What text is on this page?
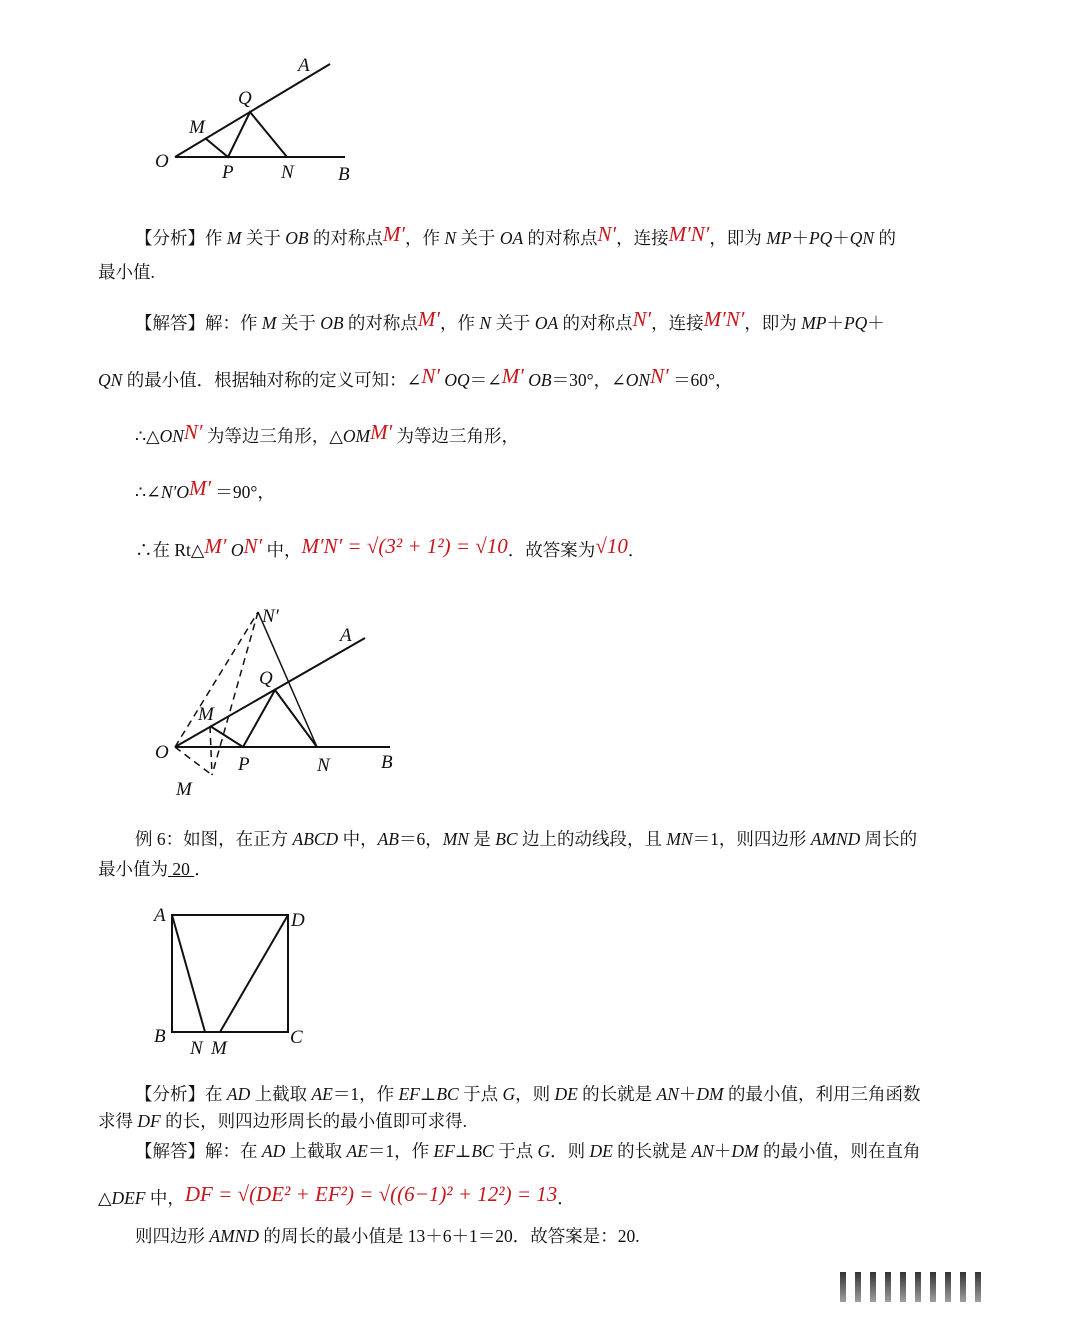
A
Q
M
O
P N B
N′
A
Q
M
O
P	N	B
M
A	D
B	C
N M
【分析】作 M 关于 OB 的对称点M′，作 N 关于 OA 的对称点N′，连接M′N′，即为 MP＋PQ＋QN 的
最小值.
【解答】解：作 M 关于 OB 的对称点M′，作 N 关于 OA 的对称点N′，连接M′N′，即为 MP＋PQ＋
QN 的最小值．根据轴对称的定义可知：∠N′ OQ＝∠M′ OB＝30°，∠ONN′ ＝60°，
∴△ONN′ 为等边三角形，△OMM′ 为等边三角形，
∴∠N′OM′ ＝90°，
∴在 Rt△M′ ON′ 中，M′N′ = √(3² + 1²) = √10．故答案为√10．
例 6：如图，在正方 ABCD 中，AB＝6，MN 是 BC 边上的动线段，且 MN＝1，则四边形 AMND 周长的
最小值为 20 ．
【分析】在 AD 上截取 AE＝1，作 EF⊥BC 于点 G，则 DE 的长就是 AN＋DM 的最小值，利用三角函数
求得 DF 的长，则四边形周长的最小值即可求得.
【解答】解：在 AD 上截取 AE＝1，作 EF⊥BC 于点 G．则 DE 的长就是 AN＋DM 的最小值，则在直角
△DEF 中，DF = √(DE² + EF²) = √((6−1)² + 12²) = 13．
则四边形 AMND 的周长的最小值是 13＋6＋1＝20．故答案是：20.
